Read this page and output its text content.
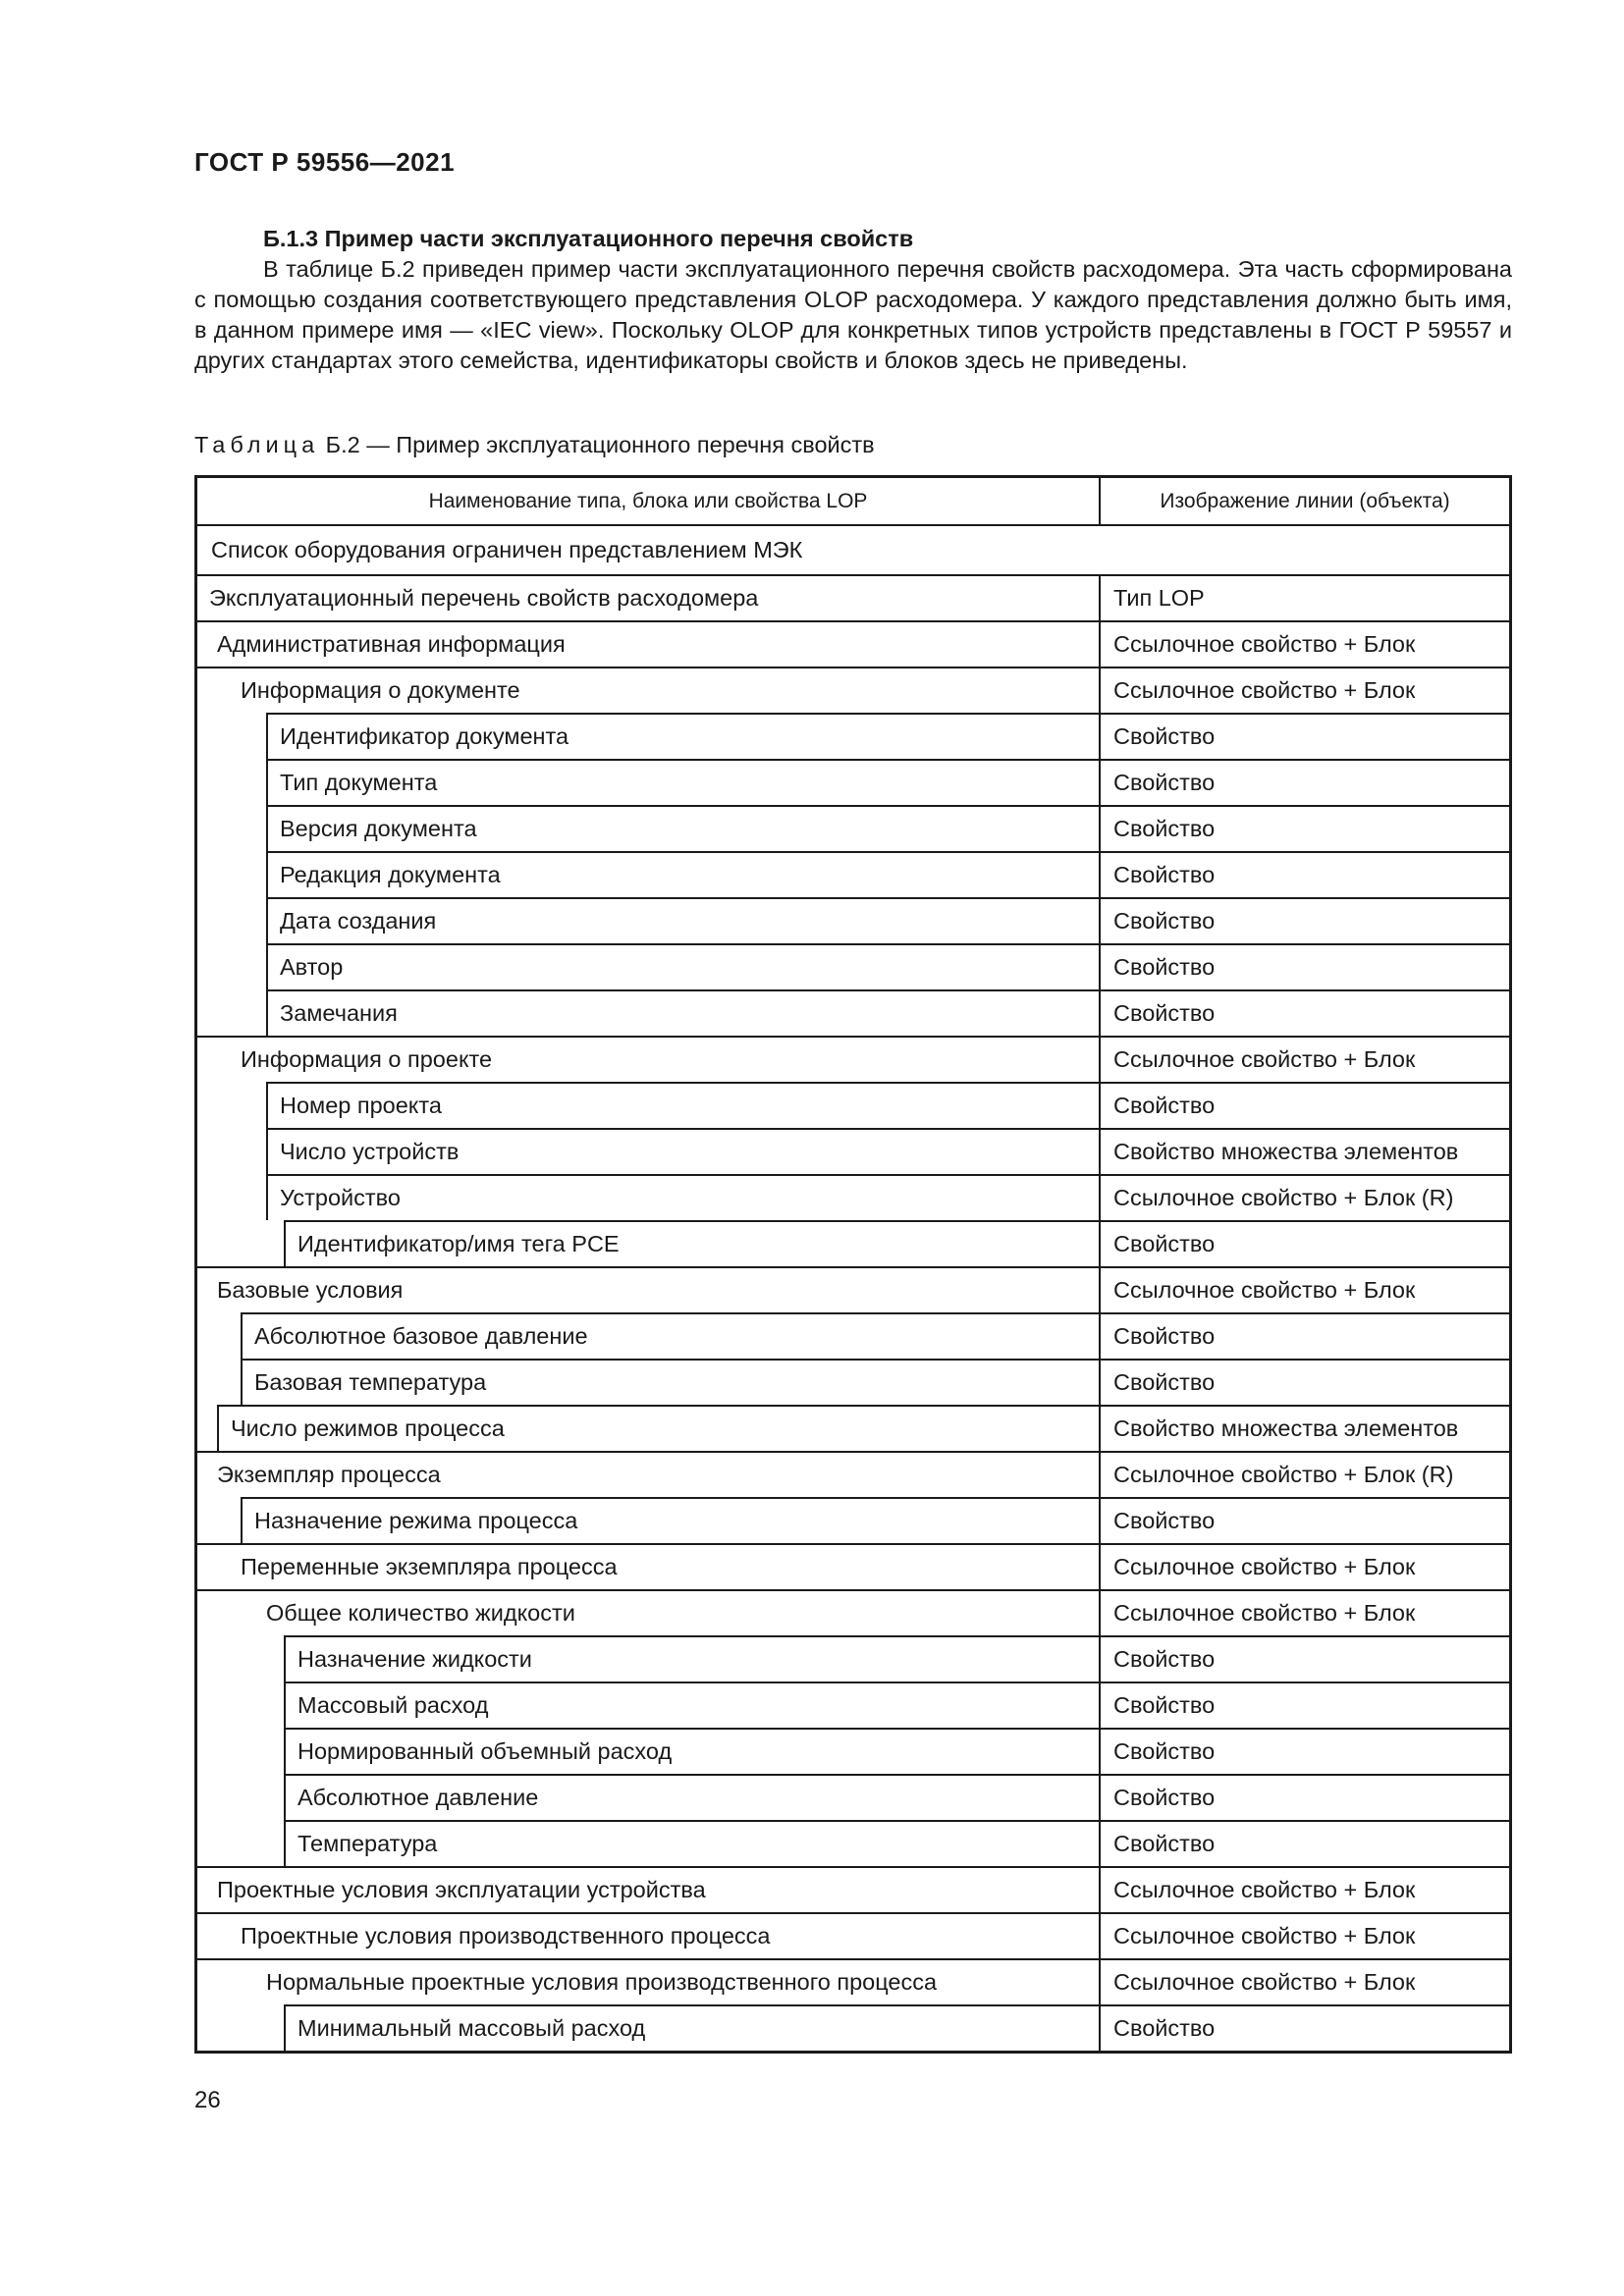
ГОСТ Р 59556—2021
Б.1.3 Пример части эксплуатационного перечня свойств

В таблице Б.2 приведен пример части эксплуатационного перечня свойств расходомера. Эта часть сформирована с помощью создания соответствующего представления OLOP расходомера. У каждого представления должно быть имя, в данном примере имя — «IEC view». Поскольку OLOP для конкретных типов устройств представлены в ГОСТ Р 59557 и других стандартах этого семейства, идентификаторы свойств и блоков здесь не приведены.

Таблица Б.2 — Пример эксплуатационного перечня свойств
Наименование типа, блока или свойства LOP	Изображение линии (объекта)
Список оборудования ограничен представлением МЭК
Эксплуатационный перечень свойств расходомера	Тип LOP
Административная информация	Ссылочное свойство + Блок
Информация о документе	Ссылочное свойство + Блок
Идентификатор документа	Свойство
Тип документа	Свойство
Версия документа	Свойство
Редакция документа	Свойство
Дата создания	Свойство
Автор	Свойство
Замечания	Свойство
Информация о проекте	Ссылочное свойство + Блок
Номер проекта	Свойство
Число устройств	Свойство множества элементов
Устройство	Ссылочное свойство + Блок (R)
Идентификатор/имя тега PCE	Свойство
Базовые условия	Ссылочное свойство + Блок
Абсолютное базовое давление	Свойство
Базовая температура	Свойство
Число режимов процесса	Свойство множества элементов
Экземпляр процесса	Ссылочное свойство + Блок (R)
Назначение режима процесса	Свойство
Переменные экземпляра процесса	Ссылочное свойство + Блок
Общее количество жидкости	Ссылочное свойство + Блок
Назначение жидкости	Свойство
Массовый расход	Свойство
Нормированный объемный расход	Свойство
Абсолютное давление	Свойство
Температура	Свойство
Проектные условия эксплуатации устройства	Ссылочное свойство + Блок
Проектные условия производственного процесса	Ссылочное свойство + Блок
Нормальные проектные условия производственного процесса	Ссылочное свойство + Блок
Минимальный массовый расход	Свойство
26
